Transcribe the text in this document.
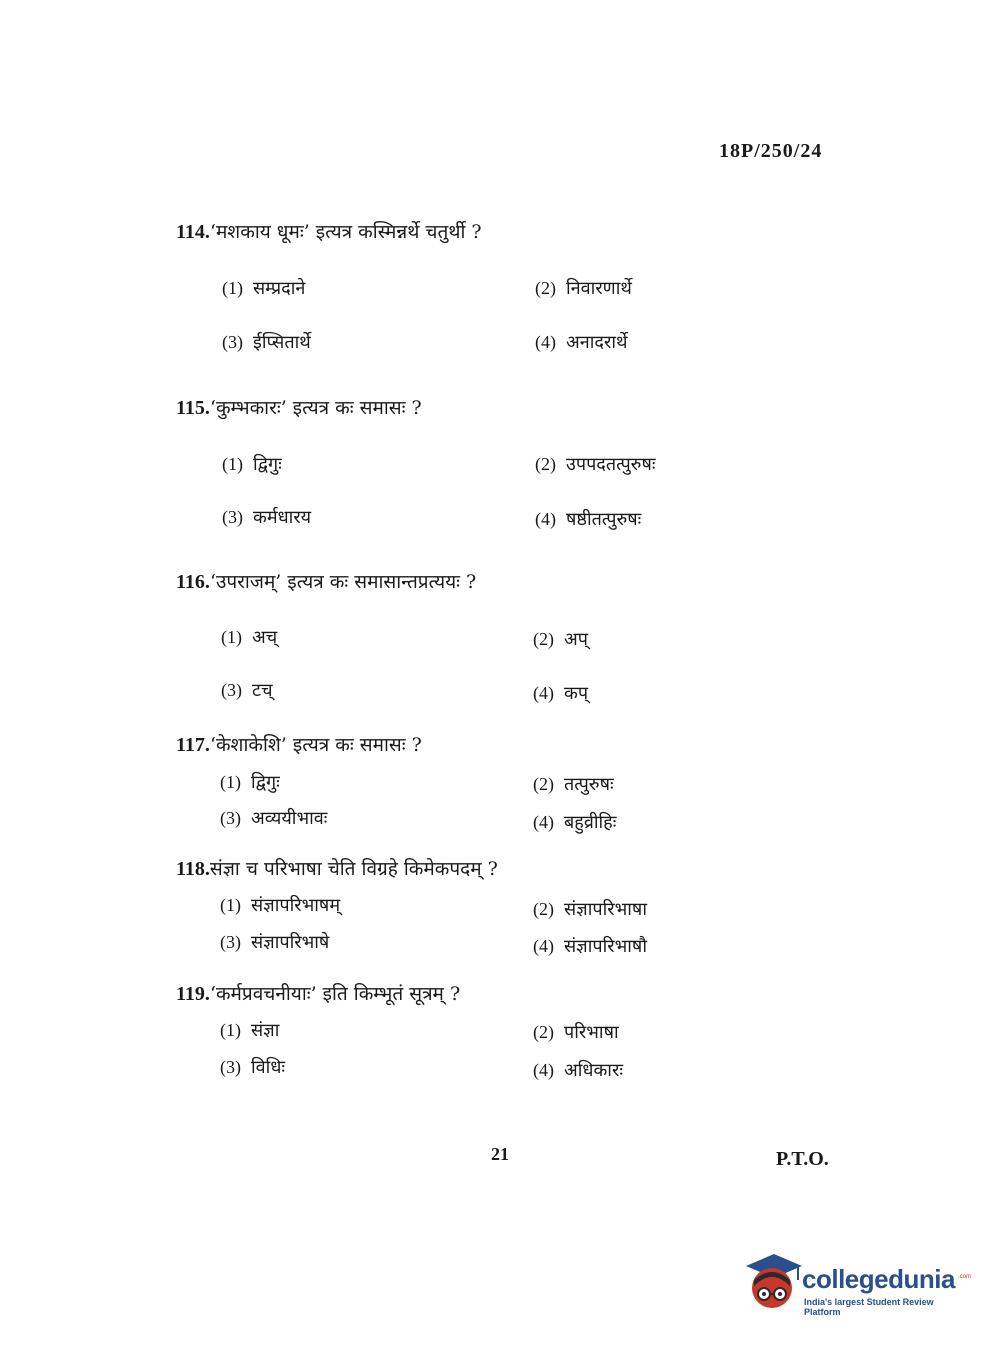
18P/250/24
114.‘मशकाय धूमः’ इत्यत्र कस्मिन्नर्थे चतुर्थी ?
(1) सम्प्रदाने	(2) निवारणार्थे
(3) ईप्सितार्थे	(4) अनादरार्थे
115.‘कुम्भकारः’ इत्यत्र कः समासः ?
(1) द्विगुः	(2) उपपदतत्पुरुषः
(3) कर्मधारय	(4) षष्ठीतत्पुरुषः
116.‘उपराजम्’ इत्यत्र कः समासान्तप्रत्ययः ?
(1) अच्	(2) अप्
(3) टच्	(4) कप्
117.‘केशाकेशि’ इत्यत्र कः समासः ?
(1) द्विगुः	(2) तत्पुरुषः
(3) अव्ययीभावः	(4) बहुव्रीहिः
118.संज्ञा च परिभाषा चेति विग्रहे किमेकपदम् ?
(1) संज्ञापरिभाषम्	(2) संज्ञापरिभाषा
(3) संज्ञापरिभाषे	(4) संज्ञापरिभाषौ
119.‘कर्मप्रवचनीयाः’ इति किम्भूतं सूत्रम् ?
(1) संज्ञा	(2) परिभाषा
(3) विधिः	(4) अधिकारः
21	P.T.O.
collegedunia .com
India's largest Student Review Platform
